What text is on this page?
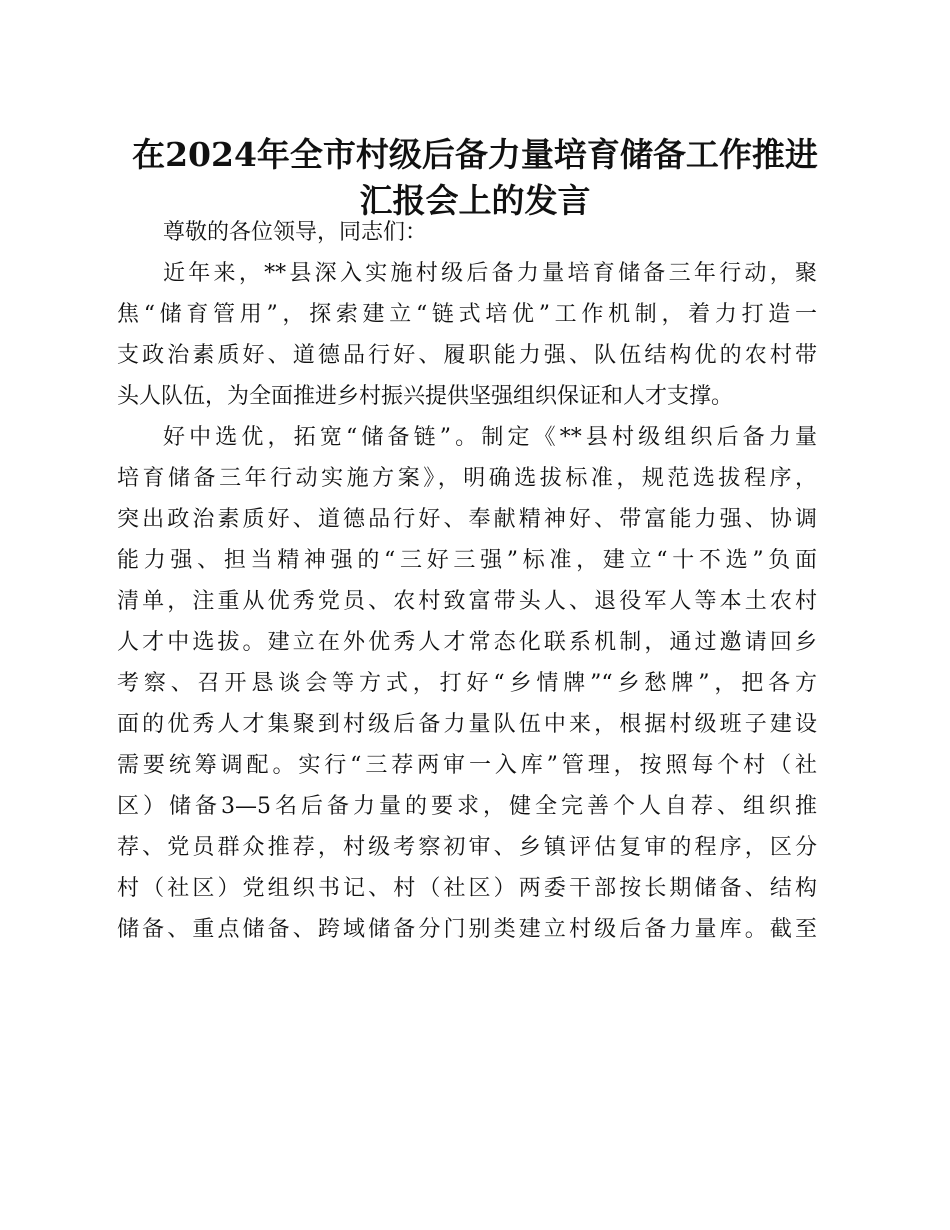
在2024年全市村级后备力量培育储备工作推进
汇报会上的发言
尊敬的各位领导，同志们：
近年来，**县深入实施村级后备力量培育储备三年行动，聚
焦“储育管用”，探索建立“链式培优”工作机制，着力打造一
支政治素质好、道德品行好、履职能力强、队伍结构优的农村带
头人队伍，为全面推进乡村振兴提供坚强组织保证和人才支撑。
好中选优，拓宽“储备链”。制定《**县村级组织后备力量
培育储备三年行动实施方案》，明确选拔标准，规范选拔程序，
突出政治素质好、道德品行好、奉献精神好、带富能力强、协调
能力强、担当精神强的“三好三强”标准，建立“十不选”负面
清单，注重从优秀党员、农村致富带头人、退役军人等本土农村
人才中选拔。建立在外优秀人才常态化联系机制，通过邀请回乡
考察、召开恳谈会等方式，打好“乡情牌”“乡愁牌”，把各方
面的优秀人才集聚到村级后备力量队伍中来，根据村级班子建设
需要统筹调配。实行“三荐两审一入库”管理，按照每个村（社
区）储备3—5名后备力量的要求，健全完善个人自荐、组织推
荐、党员群众推荐，村级考察初审、乡镇评估复审的程序，区分
村（社区）党组织书记、村（社区）两委干部按长期储备、结构
储备、重点储备、跨域储备分门别类建立村级后备力量库。截至
